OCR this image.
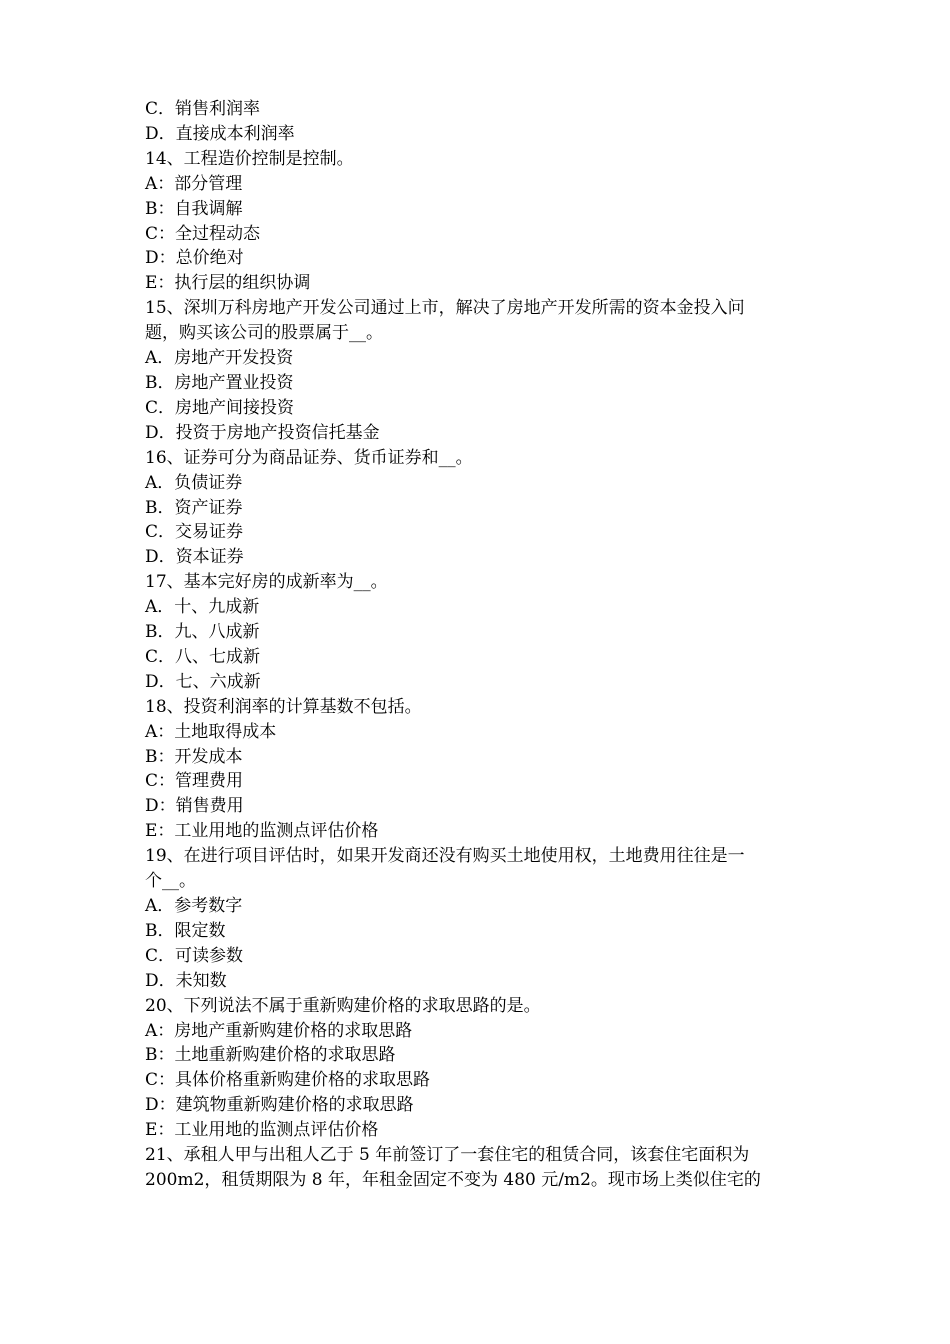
C．销售利润率

D．直接成本利润率

14、工程造价控制是控制。

A：部分管理

B：自我调解

C：全过程动态

D：总价绝对

E：执行层的组织协调

15、深圳万科房地产开发公司通过上市，解决了房地产开发所需的资本金投入问

题，购买该公司的股票属于__。

A．房地产开发投资

B．房地产置业投资

C．房地产间接投资

D．投资于房地产投资信托基金

16、证券可分为商品证券、货币证券和__。

A．负债证券

B．资产证券

C．交易证券

D．资本证券

17、基本完好房的成新率为__。

A．十、九成新

B．九、八成新

C．八、七成新

D．七、六成新

18、投资利润率的计算基数不包括。

A：土地取得成本

B：开发成本

C：管理费用

D：销售费用

E：工业用地的监测点评估价格

19、在进行项目评估时，如果开发商还没有购买土地使用权，土地费用往往是一

个__。

A．参考数字

B．限定数

C．可读参数

D．未知数

20、下列说法不属于重新购建价格的求取思路的是。

A：房地产重新购建价格的求取思路

B：土地重新购建价格的求取思路

C：具体价格重新购建价格的求取思路

D：建筑物重新购建价格的求取思路

E：工业用地的监测点评估价格

21、承租人甲与出租人乙于 5 年前签订了一套住宅的租赁合同，该套住宅面积为

200m2，租赁期限为 8 年，年租金固定不变为 480 元/m2。现市场上类似住宅的
